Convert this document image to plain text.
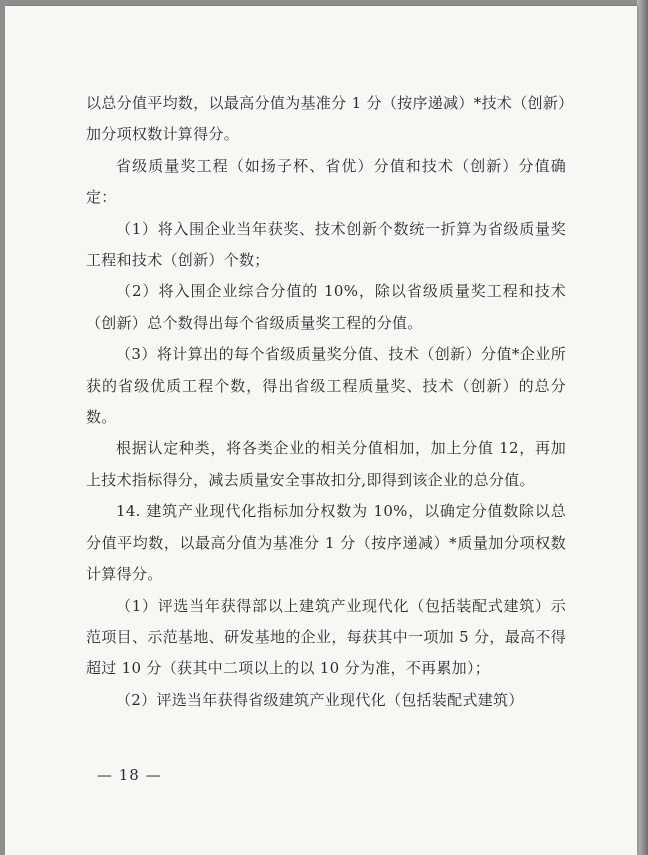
以总分值平均数，以最高分值为基准分 1 分（按序递减）*技术（创新）加分项权数计算得分。

省级质量奖工程（如扬子杯、省优）分值和技术（创新）分值确定：

（1）将入围企业当年获奖、技术创新个数统一折算为省级质量奖工程和技术（创新）个数；

（2）将入围企业综合分值的 10%，除以省级质量奖工程和技术（创新）总个数得出每个省级质量奖工程的分值。

（3）将计算出的每个省级质量奖分值、技术（创新）分值*企业所获的省级优质工程个数，得出省级工程质量奖、技术（创新）的总分数。

根据认定种类，将各类企业的相关分值相加，加上分值 12，再加上技术指标得分，减去质量安全事故扣分,即得到该企业的总分值。

14. 建筑产业现代化指标加分权数为 10%，以确定分值数除以总分值平均数，以最高分值为基准分 1 分（按序递减）*质量加分项权数计算得分。

（1）评选当年获得部以上建筑产业现代化（包括装配式建筑）示范项目、示范基地、研发基地的企业，每获其中一项加 5 分，最高不得超过 10 分（获其中二项以上的以 10 分为准，不再累加）；

（2）评选当年获得省级建筑产业现代化（包括装配式建筑）

— 18 —
